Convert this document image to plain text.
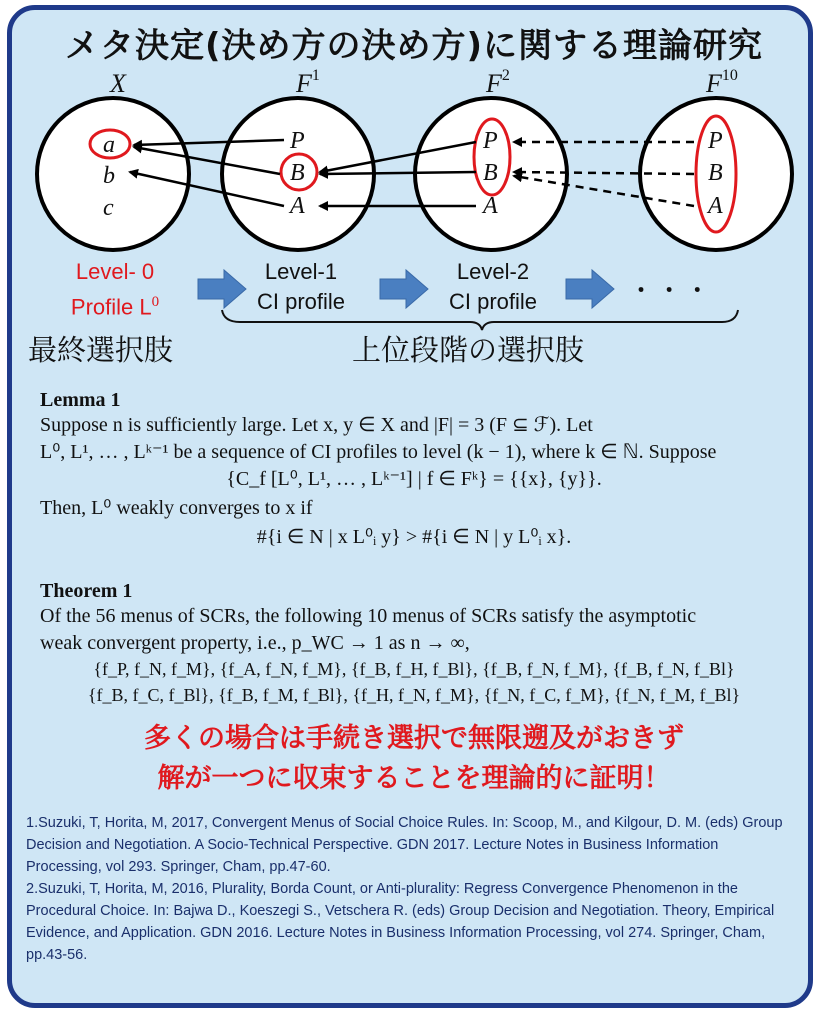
メタ決定(決め方の決め方)に関する理論研究
X	$F^1$	$F^2$	$F^{10}$
a
b
c
P
B
A
P
B
A
P
B
A
Level- 0
Profile $L^0$
Level-1
CI profile
Level-2
CI profile	・ ・ ・
最終選択肢	上位段階の選択肢
Lemma 1
Suppose n is sufficiently large. Let x, y ∈ X and |F| = 3 (F ⊆ ℱ). Let
L⁰, L¹, … , Lᵏ⁻¹ be a sequence of CI profiles to level (k − 1), where k ∈ ℕ. Suppose
{C_f [L⁰, L¹, … , Lᵏ⁻¹] | f ∈ Fᵏ} = {{x}, {y}}.
Then, L⁰ weakly converges to x if
#{i ∈ N | x L⁰ᵢ y} > #{i ∈ N | y L⁰ᵢ x}.
Theorem 1
Of the 56 menus of SCRs, the following 10 menus of SCRs satisfy the asymptotic
weak convergent property, i.e., p_WC → 1 as n → ∞,
{f_P, f_N, f_M}, {f_A, f_N, f_M}, {f_B, f_H, f_Bl}, {f_B, f_N, f_M}, {f_B, f_N, f_Bl}
{f_B, f_C, f_Bl}, {f_B, f_M, f_Bl}, {f_H, f_N, f_M}, {f_N, f_C, f_M}, {f_N, f_M, f_Bl}
多くの場合は手続き選択で無限遡及がおきず
解が一つに収束することを理論的に証明！
1.Suzuki, T, Horita, M, 2017, Convergent Menus of Social Choice Rules. In: Scoop, M., and Kilgour, D. M. (eds) Group Decision and Negotiation. A Socio-Technical Perspective. GDN 2017. Lecture Notes in Business Information Processing, vol 293. Springer, Cham, pp.47-60.
2.Suzuki, T, Horita, M, 2016, Plurality, Borda Count, or Anti-plurality: Regress Convergence Phenomenon in the Procedural Choice. In: Bajwa D., Koeszegi S., Vetschera R. (eds) Group Decision and Negotiation. Theory, Empirical Evidence, and Application. GDN 2016. Lecture Notes in Business Information Processing, vol 274. Springer, Cham, pp.43-56.
